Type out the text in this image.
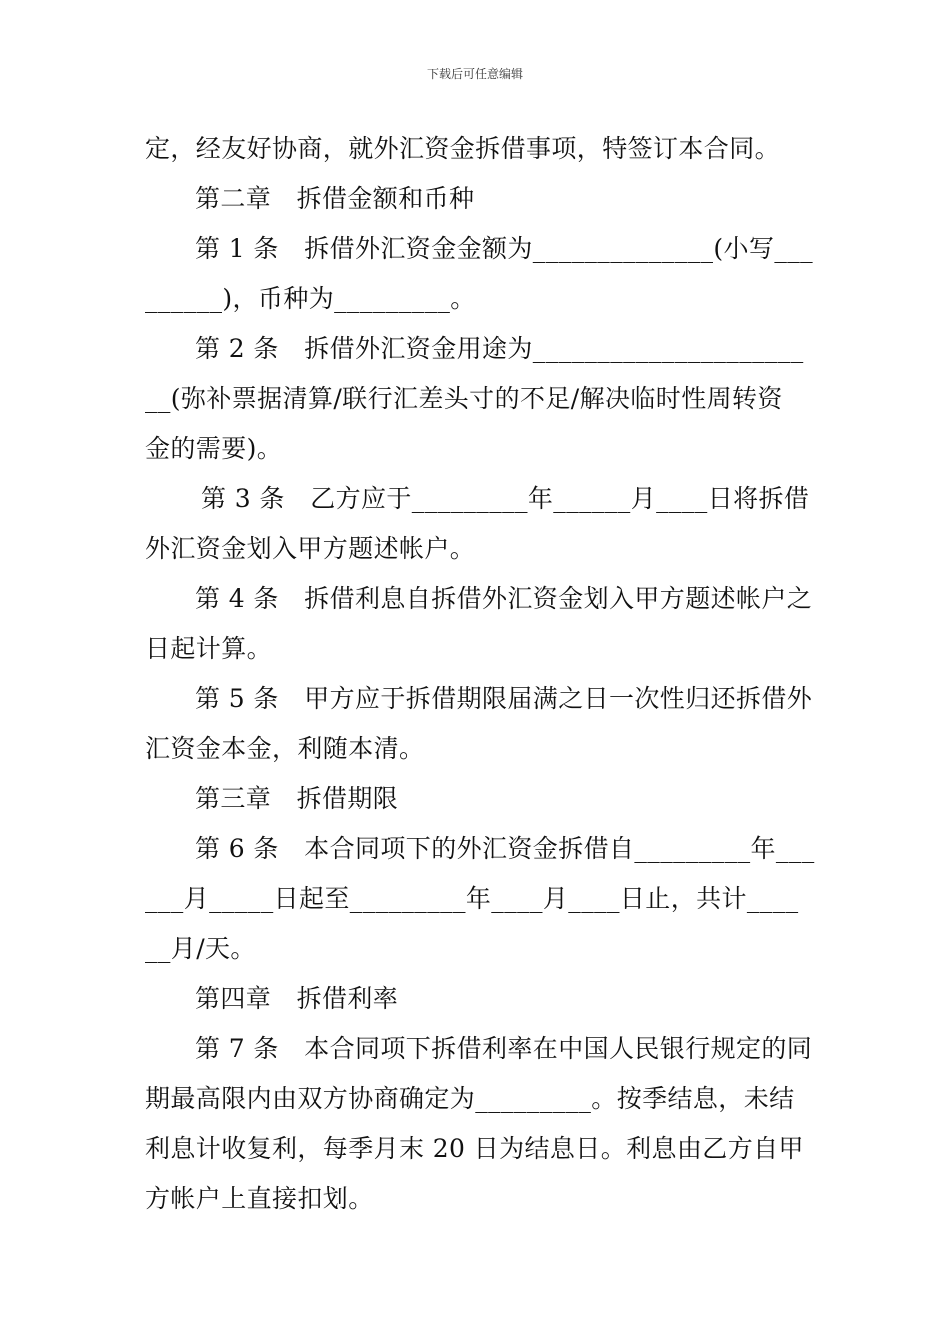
下载后可任意编辑
定，经友好协商，就外汇资金拆借事项，特签订本合同。
第二章　拆借金额和币种
第 1 条　拆借外汇资金金额为______________(小写___
______)，币种为_________。
第 2 条　拆借外汇资金用途为_____________________
__(弥补票据清算/联行汇差头寸的不足/解决临时性周转资
金的需要)。
第 3 条　乙方应于_________年______月____日将拆借
外汇资金划入甲方题述帐户。
第 4 条　拆借利息自拆借外汇资金划入甲方题述帐户之
日起计算。
第 5 条　甲方应于拆借期限届满之日一次性归还拆借外
汇资金本金，利随本清。
第三章　拆借期限
第 6 条　本合同项下的外汇资金拆借自_________年___
___月_____日起至_________年____月____日止，共计____
__月/天。
第四章　拆借利率
第 7 条　本合同项下拆借利率在中国人民银行规定的同
期最高限内由双方协商确定为_________。按季结息，未结
利息计收复利，每季月末 20 日为结息日。利息由乙方自甲
方帐户上直接扣划。
